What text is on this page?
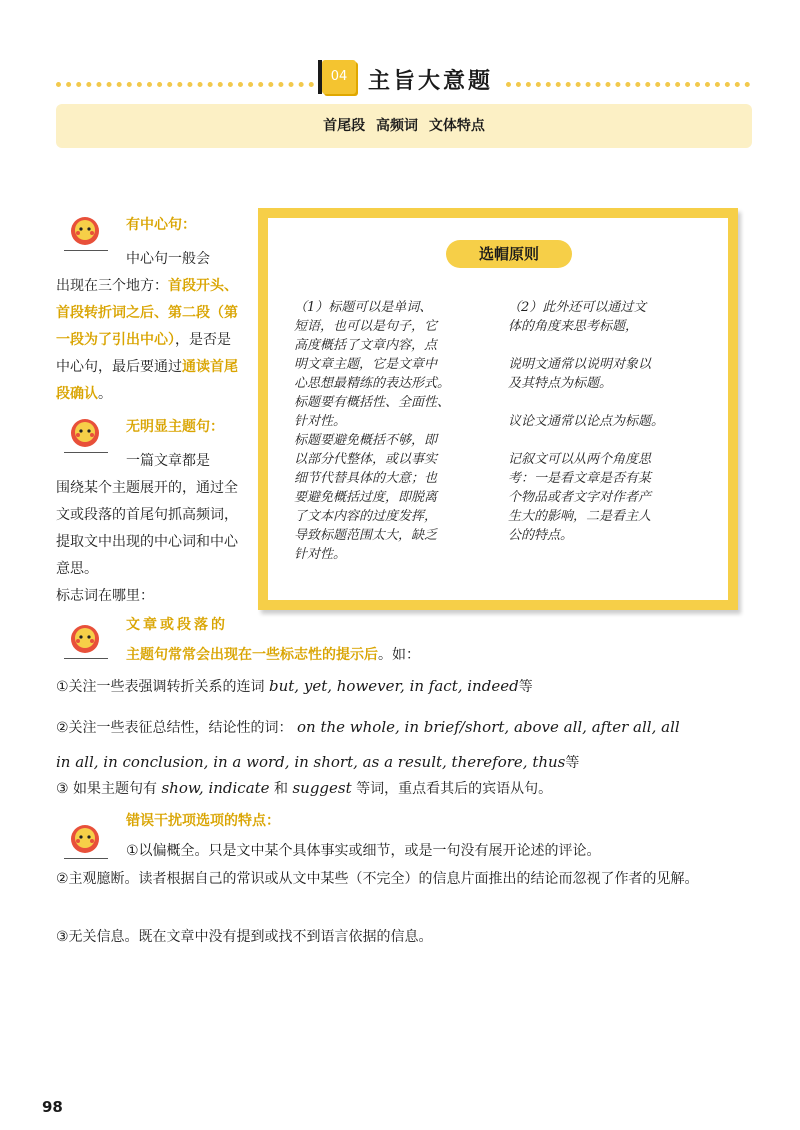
04 主旨大意题
首尾段 高频词 文体特点
有中心句：
中心句一般会

出现在三个地方：首段开头、首段转折词之后、第二段（第一段为了引出中心），是否是中心句，最后要通过通读首尾段确认。

无明显主题句：
一篇文章都是

围绕某个主题展开的，通过全文或段落的首尾句抓高频词，提取文中出现的中心词和中心意思。

标志词在哪里：
选帽原则

（1）标题可以是单词、

短语，也可以是句子，它

高度概括了文章内容，点

明文章主题，它是文章中

心思想最精练的表达形式。

标题要有概括性、全面性、

针对性。

标题要避免概括不够，即

以部分代整体，或以事实

细节代替具体的大意；也

要避免概括过度，即脱离

了文本内容的过度发挥，

导致标题范围太大，缺乏

针对性。

（2）此外还可以通过文

体的角度来思考标题，

说明文通常以说明对象以

及其特点为标题。

议论文通常以论点为标题。

记叙文可以从两个角度思

考：一是看文章是否有某

个物品或者文字对作者产

生大的影响，二是看主人

公的特点。

文章或段落的
主题句常常会出现在一些标志性的提示后。如：
①关注一些表强调转折关系的连词 but, yet, however, in fact, indeed等
②关注一些表征总结性，结论性的词： on the whole, in brief/short, above all, after all, all
in all, in conclusion, in a word, in short, as a result, therefore, thus等
③ 如果主题句有 show, indicate 和 suggest 等词，重点看其后的宾语从句。
错误干扰项选项的特点：
①以偏概全。只是文中某个具体事实或细节，或是一句没有展开论述的评论。
②主观臆断。读者根据自己的常识或从文中某些（不完全）的信息片面推出的结论而忽视了作者的见解。
③无关信息。既在文章中没有提到或找不到语言依据的信息。
98
